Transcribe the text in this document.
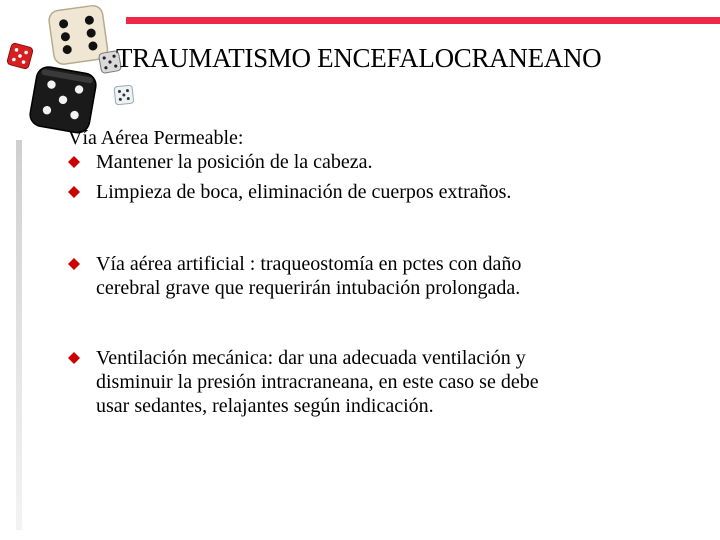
TRAUMATISMO ENCEFALOCRANEANO

Vía Aérea Permeable:

Mantener la posición de la cabeza.
Limpieza de boca, eliminación de cuerpos extraños.
Vía aérea artificial : traqueostomía en pctes con daño
cerebral grave que requerirán intubación prolongada.
Ventilación mecánica: dar una adecuada ventilación y
disminuir la presión intracraneana, en este caso se debe
usar sedantes, relajantes según indicación.
